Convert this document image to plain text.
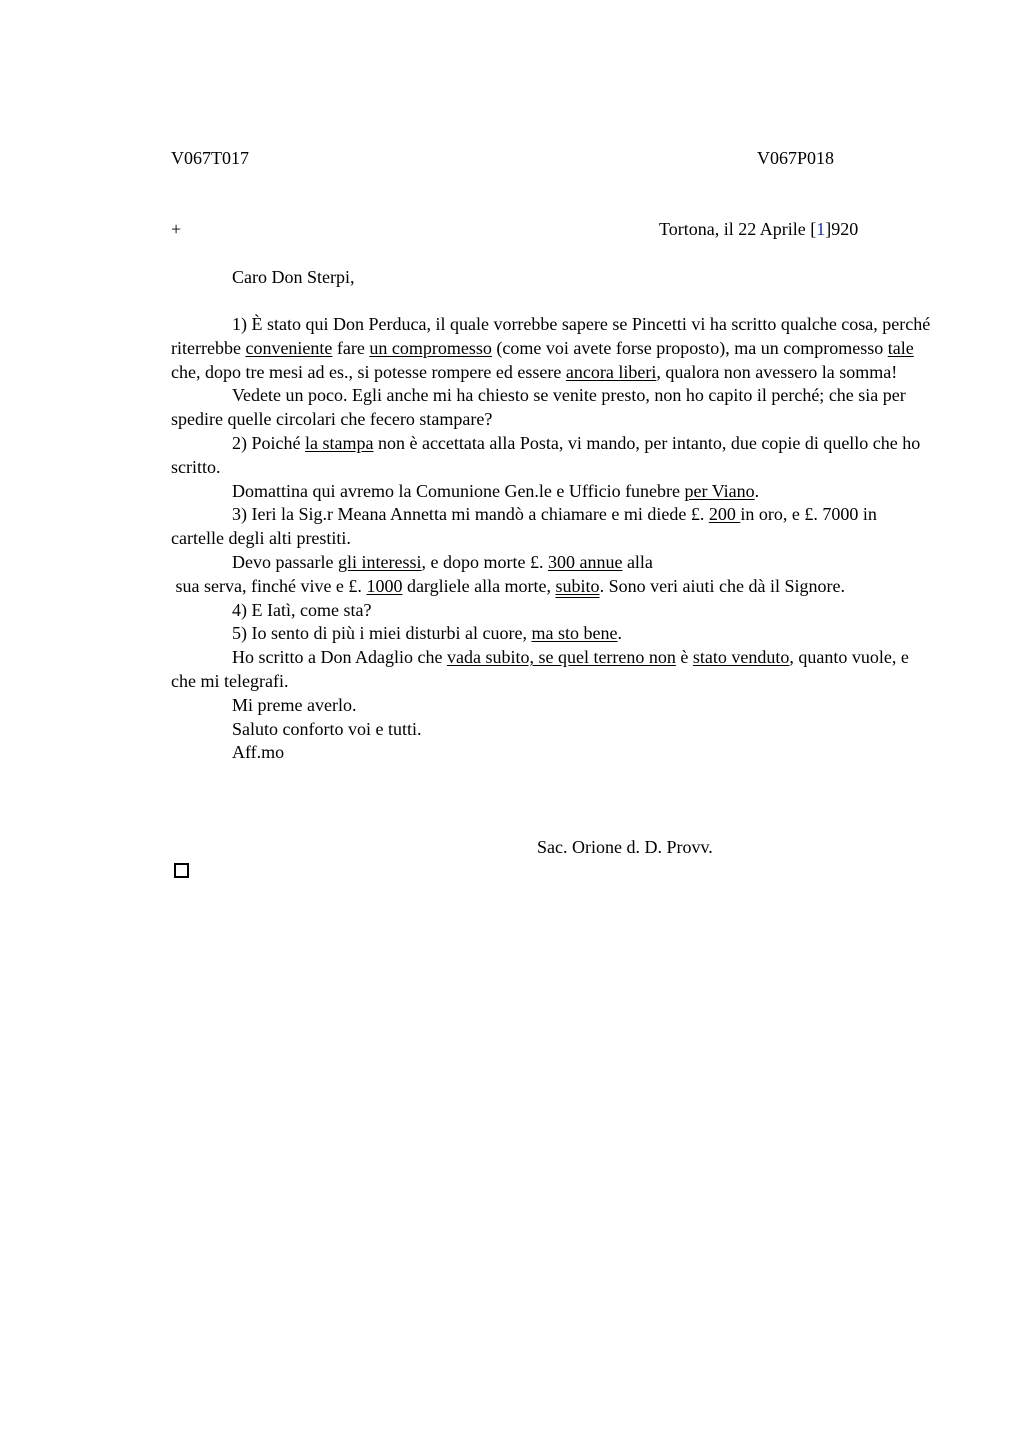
V067T017	V067P018
+	Tortona, il 22 Aprile [1]920
Caro Don Sterpi,

1) È stato qui Don Perduca, il quale vorrebbe sapere se Pincetti vi ha scritto qualche cosa, perché riterrebbe conveniente fare un compromesso (come voi avete forse proposto), ma un compromesso tale che, dopo tre mesi ad es., si potesse rompere ed essere ancora liberi, qualora non avessero la somma!

Vedete un poco. Egli anche mi ha chiesto se venite presto, non ho capito il perché; che sia per spedire quelle circolari che fecero stampare?

2) Poiché la stampa non è accettata alla Posta, vi mando, per intanto, due copie di quello che ho scritto.

Domattina qui avremo la Comunione Gen.le e Ufficio funebre per Viano.

3) Ieri la Sig.r Meana Annetta mi mandò a chiamare e mi diede £. 200 in oro, e £. 7000 in cartelle degli alti prestiti.

Devo passarle gli interessi, e dopo morte £. 300 annue alla

sua serva, finché vive e £. 1000 dargliele alla morte, subito. Sono veri aiuti che dà il Signore.

4) E Iatì, come sta?

5) Io sento di più i miei disturbi al cuore, ma sto bene.

Ho scritto a Don Adaglio che vada subito, se quel terreno non è stato venduto, quanto vuole, e che mi telegrafi.

Mi preme averlo.

Saluto conforto voi e tutti.

Aff.mo

Sac. Orione d. D. Provv.
